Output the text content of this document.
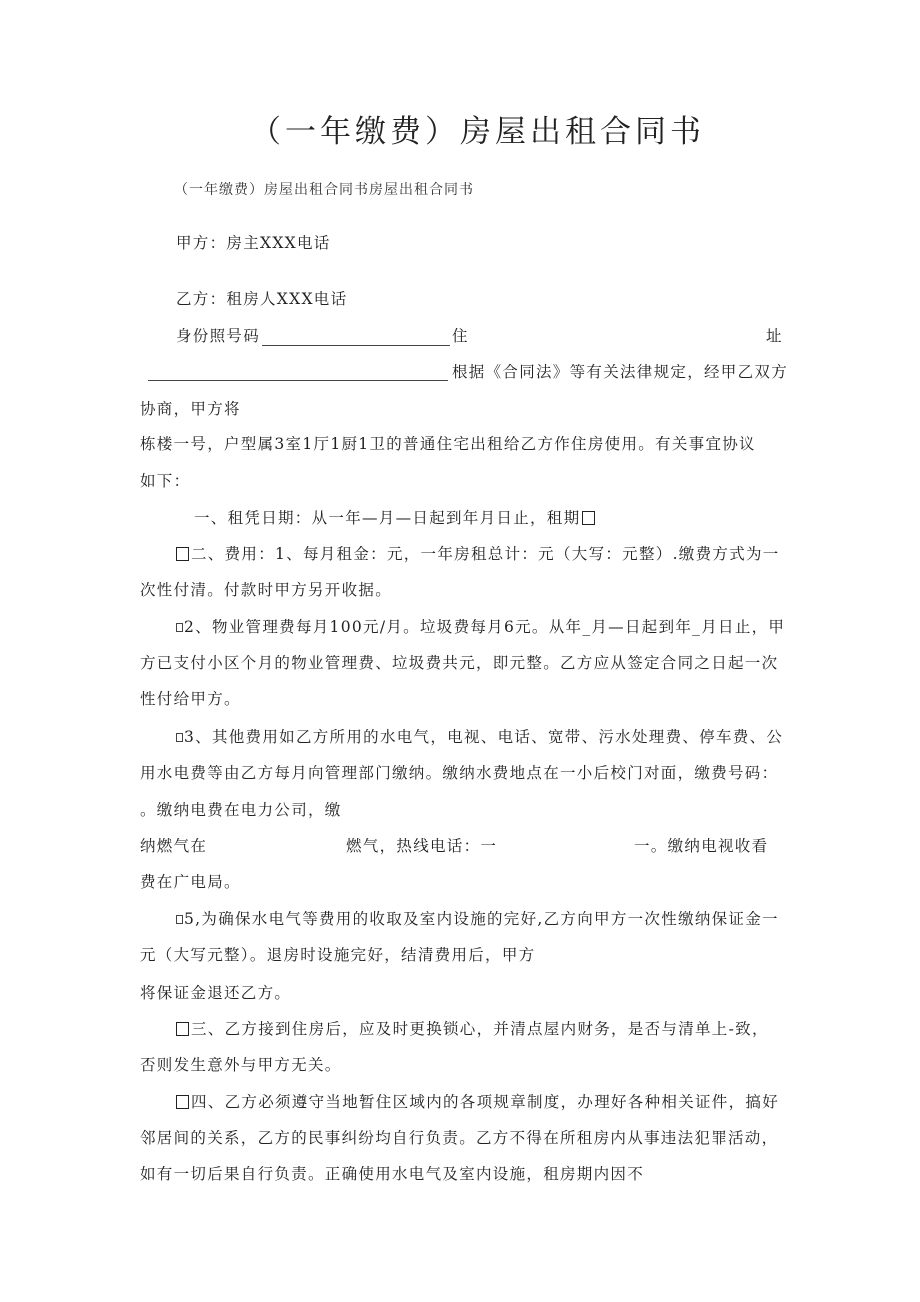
（一年缴费）房屋出租合同书
（一年缴费）房屋出租合同书房屋出租合同书
甲方：房主XXX电话
乙方：租房人XXX电话
身份照号码	住	址
根据《合同法》等有关法律规定，经甲乙双方
协商，甲方将
栋楼一号，户型属3室1厅1厨1卫的普通住宅出租给乙方作住房使用。有关事宜协议
如下：
一、租凭日期：从一年—月—日起到年月日止，租期
二、费用：1、每月租金：元，一年房租总计：元（大写：元整）.缴费方式为一
次性付清。付款时甲方另开收据。
2、物业管理费每月100元/月。垃圾费每月6元。从年_月—日起到年_月日止，甲
方已支付小区个月的物业管理费、垃圾费共元，即元整。乙方应从签定合同之日起一次
性付给甲方。
3、其他费用如乙方所用的水电气，电视、电话、宽带、污水处理费、停车费、公
用水电费等由乙方每月向管理部门缴纳。缴纳水费地点在一小后校门对面，缴费号码：
。缴纳电费在电力公司，缴
纳燃气在	燃气，热线电话：一	一。缴纳电视收看
费在广电局。
5,为确保水电气等费用的收取及室内设施的完好,乙方向甲方一次性缴纳保证金一
元（大写元整）。退房时设施完好，结清费用后，甲方
将保证金退还乙方。
三、乙方接到住房后，应及时更换锁心，并清点屋内财务，是否与清单上-致，
否则发生意外与甲方无关。
四、乙方必须遵守当地暂住区域内的各项规章制度，办理好各种相关证件，搞好
邻居间的关系，乙方的民事纠纷均自行负责。乙方不得在所租房内从事违法犯罪活动，
如有一切后果自行负责。正确使用水电气及室内设施，租房期内因不
